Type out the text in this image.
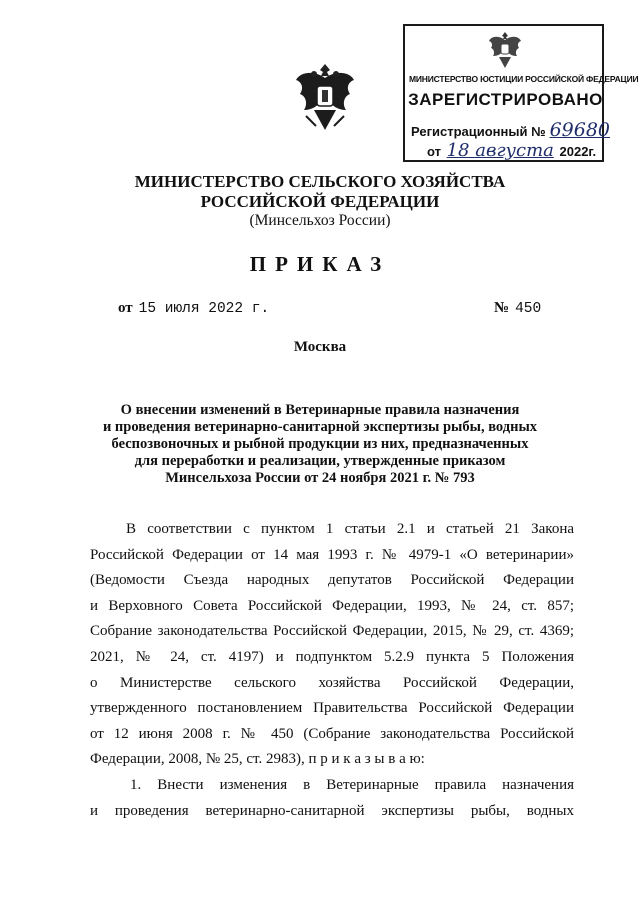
МИНИСТЕРСТВО ЮСТИЦИИ РОССИЙСКОЙ ФЕДЕРАЦИИ
ЗАРЕГИСТРИРОВАНО
Регистрационный № 69680
от 18 августа 2022г.
МИНИСТЕРСТВО СЕЛЬСКОГО ХОЗЯЙСТВА
РОССИЙСКОЙ ФЕДЕРАЦИИ
(Минсельхоз России)
ПРИКАЗ
от 15 июля 2022 г.	№ 450
Москва
О внесении изменений в Ветеринарные правила назначения
и проведения ветеринарно-санитарной экспертизы рыбы, водных
беспозвоночных и рыбной продукции из них, предназначенных
для переработки и реализации, утвержденные приказом
Минсельхоза России от 24 ноября 2021 г. № 793
В соответствии с пунктом 1 статьи 2.1 и статьей 21 Закона
Российской Федерации от 14 мая 1993 г. № 4979-1 «О ветеринарии»
(Ведомости Съезда народных депутатов Российской Федерации
и Верховного Совета Российской Федерации, 1993, № 24, ст. 857;
Собрание законодательства Российской Федерации, 2015, № 29, ст. 4369;
2021, № 24, ст. 4197) и подпунктом 5.2.9 пункта 5 Положения
о Министерстве сельского хозяйства Российской Федерации,
утвержденного постановлением Правительства Российской Федерации
от 12 июня 2008 г. № 450 (Собрание законодательства Российской
Федерации, 2008, № 25, ст. 2983), п р и к а з ы в а ю:
1. Внести изменения в Ветеринарные правила назначения
и проведения ветеринарно-санитарной экспертизы рыбы, водных
